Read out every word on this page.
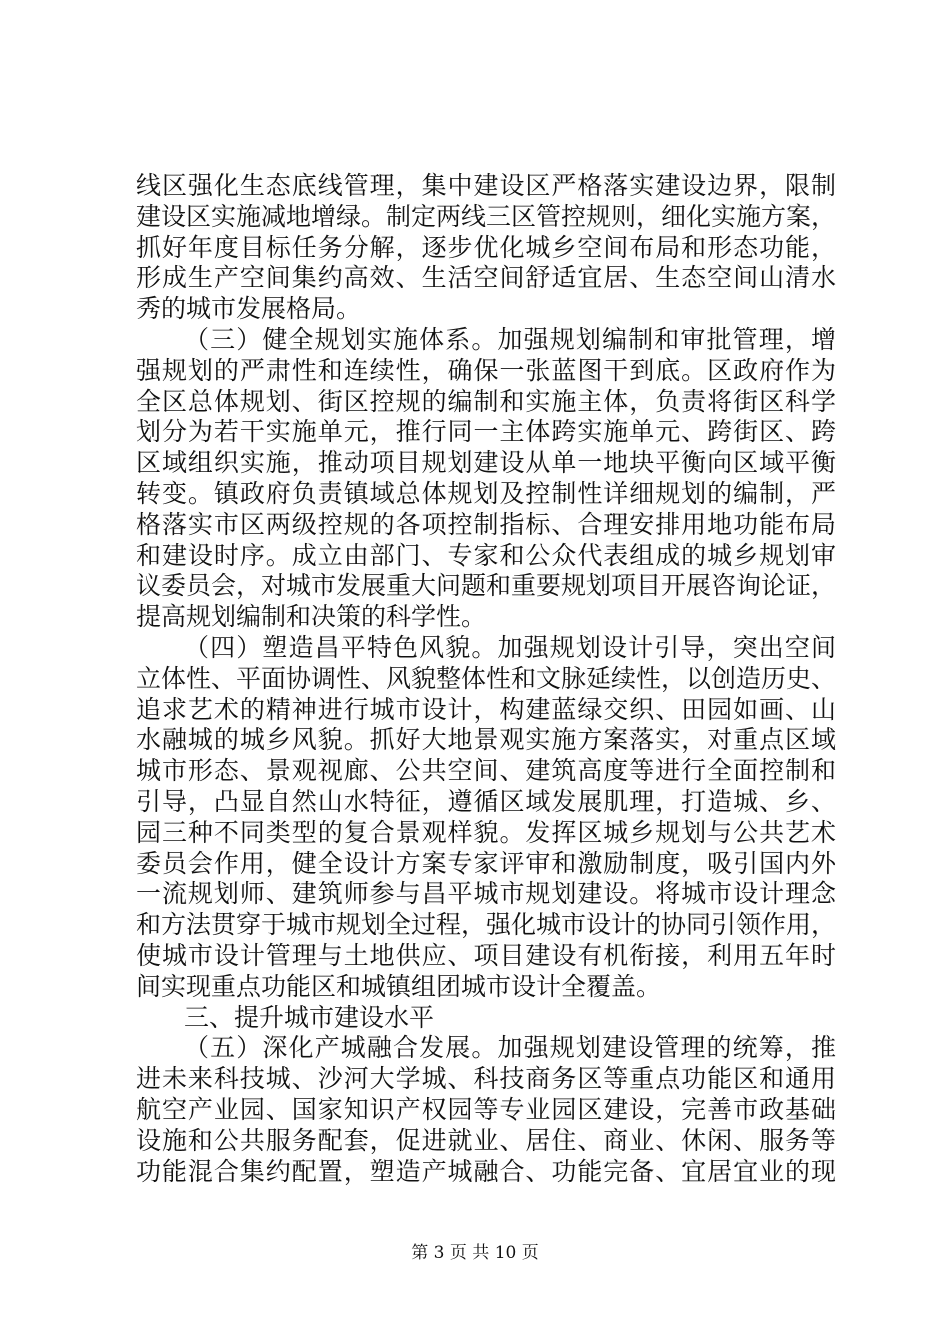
线区强化生态底线管理，集中建设区严格落实建设边界，限制
建设区实施减地增绿。制定两线三区管控规则，细化实施方案，
抓好年度目标任务分解，逐步优化城乡空间布局和形态功能，
形成生产空间集约高效、生活空间舒适宜居、生态空间山清水
秀的城市发展格局。
（三）健全规划实施体系。加强规划编制和审批管理，增
强规划的严肃性和连续性，确保一张蓝图干到底。区政府作为
全区总体规划、街区控规的编制和实施主体，负责将街区科学
划分为若干实施单元，推行同一主体跨实施单元、跨街区、跨
区域组织实施，推动项目规划建设从单一地块平衡向区域平衡
转变。镇政府负责镇域总体规划及控制性详细规划的编制，严
格落实市区两级控规的各项控制指标、合理安排用地功能布局
和建设时序。成立由部门、专家和公众代表组成的城乡规划审
议委员会，对城市发展重大问题和重要规划项目开展咨询论证，
提高规划编制和决策的科学性。
（四）塑造昌平特色风貌。加强规划设计引导，突出空间
立体性、平面协调性、风貌整体性和文脉延续性，以创造历史、
追求艺术的精神进行城市设计，构建蓝绿交织、田园如画、山
水融城的城乡风貌。抓好大地景观实施方案落实，对重点区域
城市形态、景观视廊、公共空间、建筑高度等进行全面控制和
引导，凸显自然山水特征，遵循区域发展肌理，打造城、乡、
园三种不同类型的复合景观样貌。发挥区城乡规划与公共艺术
委员会作用，健全设计方案专家评审和激励制度，吸引国内外
一流规划师、建筑师参与昌平城市规划建设。将城市设计理念
和方法贯穿于城市规划全过程，强化城市设计的协同引领作用，
使城市设计管理与土地供应、项目建设有机衔接，利用五年时
间实现重点功能区和城镇组团城市设计全覆盖。
三、提升城市建设水平
（五）深化产城融合发展。加强规划建设管理的统筹，推
进未来科技城、沙河大学城、科技商务区等重点功能区和通用
航空产业园、国家知识产权园等专业园区建设，完善市政基础
设施和公共服务配套，促进就业、居住、商业、休闲、服务等
功能混合集约配置，塑造产城融合、功能完备、宜居宜业的现
第 3 页 共 10 页
